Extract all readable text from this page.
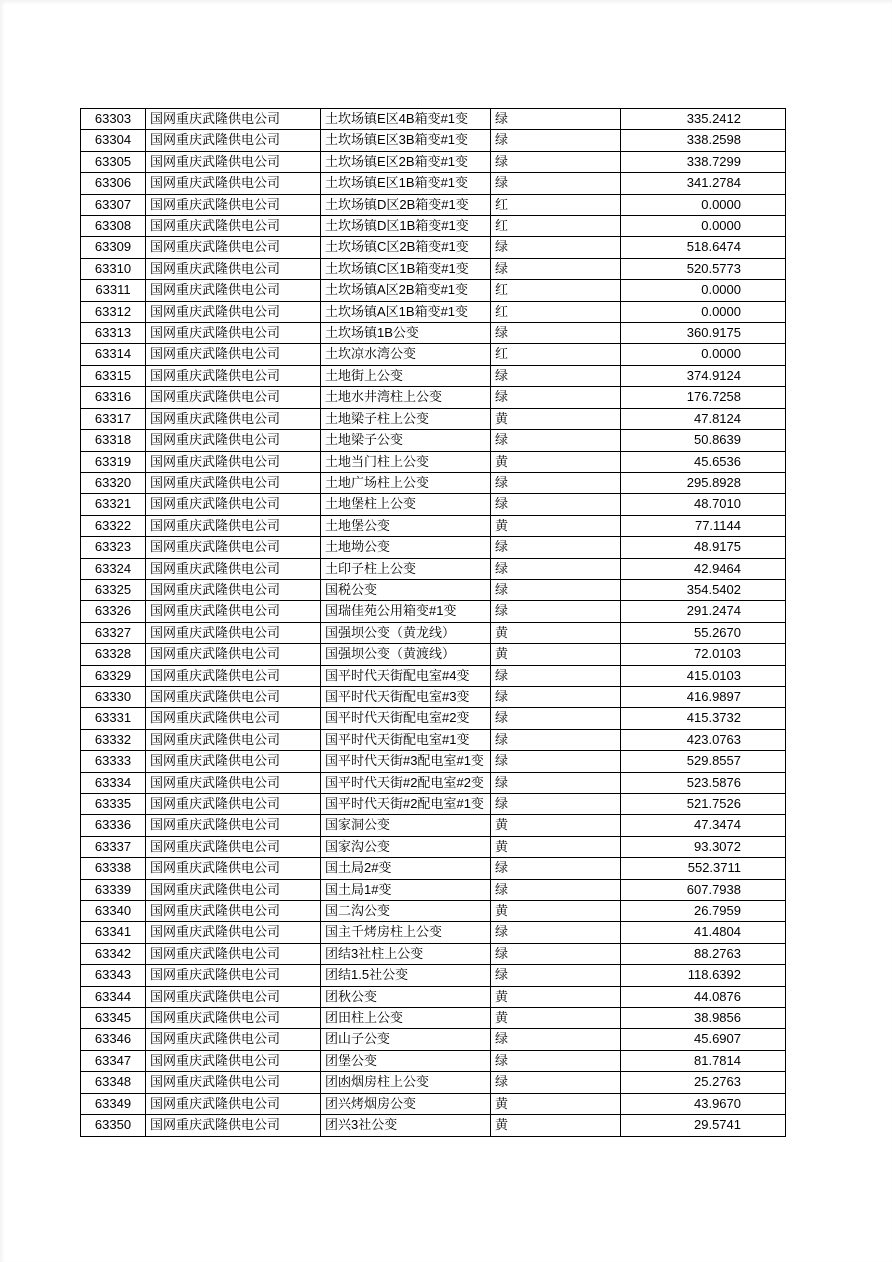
63303	国网重庆武隆供电公司	土坎场镇E区4B箱变#1变	绿	335.2412
63304	国网重庆武隆供电公司	土坎场镇E区3B箱变#1变	绿	338.2598
63305	国网重庆武隆供电公司	土坎场镇E区2B箱变#1变	绿	338.7299
63306	国网重庆武隆供电公司	土坎场镇E区1B箱变#1变	绿	341.2784
63307	国网重庆武隆供电公司	土坎场镇D区2B箱变#1变	红	0.0000
63308	国网重庆武隆供电公司	土坎场镇D区1B箱变#1变	红	0.0000
63309	国网重庆武隆供电公司	土坎场镇C区2B箱变#1变	绿	518.6474
63310	国网重庆武隆供电公司	土坎场镇C区1B箱变#1变	绿	520.5773
63311	国网重庆武隆供电公司	土坎场镇A区2B箱变#1变	红	0.0000
63312	国网重庆武隆供电公司	土坎场镇A区1B箱变#1变	红	0.0000
63313	国网重庆武隆供电公司	土坎场镇1B公变	绿	360.9175
63314	国网重庆武隆供电公司	土坎凉水湾公变	红	0.0000
63315	国网重庆武隆供电公司	土地街上公变	绿	374.9124
63316	国网重庆武隆供电公司	土地水井湾柱上公变	绿	176.7258
63317	国网重庆武隆供电公司	土地梁子柱上公变	黄	47.8124
63318	国网重庆武隆供电公司	土地梁子公变	绿	50.8639
63319	国网重庆武隆供电公司	土地当门柱上公变	黄	45.6536
63320	国网重庆武隆供电公司	土地广场柱上公变	绿	295.8928
63321	国网重庆武隆供电公司	土地堡柱上公变	绿	48.7010
63322	国网重庆武隆供电公司	土地堡公变	黄	77.1144
63323	国网重庆武隆供电公司	土地坳公变	绿	48.9175
63324	国网重庆武隆供电公司	土印子柱上公变	绿	42.9464
63325	国网重庆武隆供电公司	国税公变	绿	354.5402
63326	国网重庆武隆供电公司	国瑞佳苑公用箱变#1变	绿	291.2474
63327	国网重庆武隆供电公司	国强坝公变（黄龙线）	黄	55.2670
63328	国网重庆武隆供电公司	国强坝公变（黄渡线）	黄	72.0103
63329	国网重庆武隆供电公司	国平时代天街配电室#4变	绿	415.0103
63330	国网重庆武隆供电公司	国平时代天街配电室#3变	绿	416.9897
63331	国网重庆武隆供电公司	国平时代天街配电室#2变	绿	415.3732
63332	国网重庆武隆供电公司	国平时代天街配电室#1变	绿	423.0763
63333	国网重庆武隆供电公司	国平时代天街#3配电室#1变	绿	529.8557
63334	国网重庆武隆供电公司	国平时代天街#2配电室#2变	绿	523.5876
63335	国网重庆武隆供电公司	国平时代天街#2配电室#1变	绿	521.7526
63336	国网重庆武隆供电公司	国家洞公变	黄	47.3474
63337	国网重庆武隆供电公司	国家沟公变	黄	93.3072
63338	国网重庆武隆供电公司	国土局2#变	绿	552.3711
63339	国网重庆武隆供电公司	国土局1#变	绿	607.7938
63340	国网重庆武隆供电公司	国二沟公变	黄	26.7959
63341	国网重庆武隆供电公司	国主千烤房柱上公变	绿	41.4804
63342	国网重庆武隆供电公司	团结3社柱上公变	绿	88.2763
63343	国网重庆武隆供电公司	团结1.5社公变	绿	118.6392
63344	国网重庆武隆供电公司	团秋公变	黄	44.0876
63345	国网重庆武隆供电公司	团田柱上公变	黄	38.9856
63346	国网重庆武隆供电公司	团山子公变	绿	45.6907
63347	国网重庆武隆供电公司	团堡公变	绿	81.7814
63348	国网重庆武隆供电公司	团凼烟房柱上公变	绿	25.2763
63349	国网重庆武隆供电公司	团兴烤烟房公变	黄	43.9670
63350	国网重庆武隆供电公司	团兴3社公变	黄	29.5741
